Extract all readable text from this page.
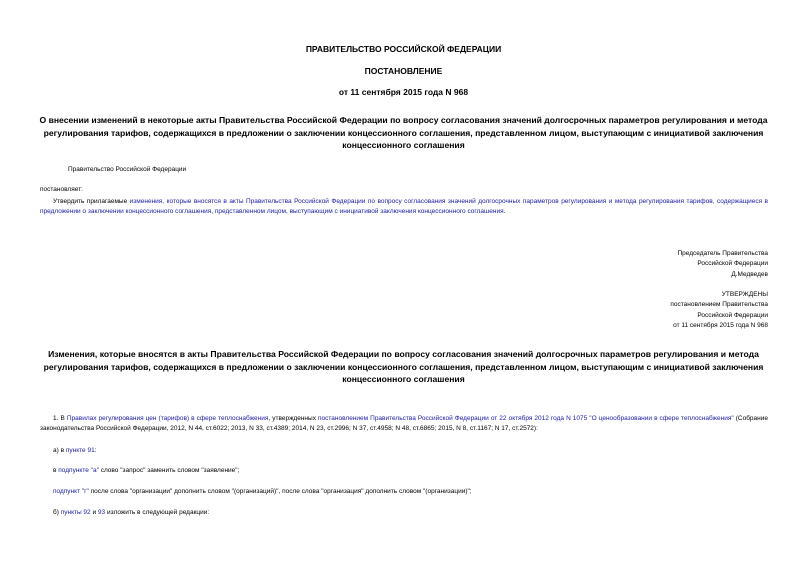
ПРАВИТЕЛЬСТВО РОССИЙСКОЙ ФЕДЕРАЦИИ
ПОСТАНОВЛЕНИЕ
от 11 сентября 2015 года N 968
О внесении изменений в некоторые акты Правительства Российской Федерации по вопросу согласования значений долгосрочных параметров регулирования и метода регулирования тарифов, содержащихся в предложении о заключении концессионного соглашения, представленном лицом, выступающим с инициативой заключения концессионного соглашения
Правительство Российской Федерации
постановляет:
Утвердить прилагаемые изменения, которые вносятся в акты Правительства Российской Федерации по вопросу согласования значений долгосрочных параметров регулирования и метода регулирования тарифов, содержащиеся в предложении о заключении концессионного соглашения, представленном лицом, выступающим с инициативой заключения концессионного соглашения.
Председатель Правительства
Российской Федерации
Д.Медведев
УТВЕРЖДЕНЫ
постановлением Правительства
Российской Федерации
от 11 сентября 2015 года N 968
Изменения, которые вносятся в акты Правительства Российской Федерации по вопросу согласования значений долгосрочных параметров регулирования и метода регулирования тарифов, содержащихся в предложении о заключении концессионного соглашения, представленном лицом, выступающим с инициативой заключения концессионного соглашения
1. В Правилах регулирования цен (тарифов) в сфере теплоснабжения, утвержденных постановлением Правительства Российской Федерации от 22 октября 2012 года N 1075 "О ценообразовании в сфере теплоснабжения" (Собрание законодательства Российской Федерации, 2012, N 44, ст.6022; 2013, N 33, ст.4389; 2014, N 23, ст.2996; N 37, ст.4958; N 48, ст.6865; 2015, N 8, ст.1167; N 17, ст.2572):
а) в пункте 91:
в подпункте "а" слово "запрос" заменить словом "заявление";
подпункт "г" после слова "организации" дополнить словом "(организаций)", после слова "организация" дополнить словом "(организации)";
б) пункты 92 и 93 изложить в следующей редакции:
